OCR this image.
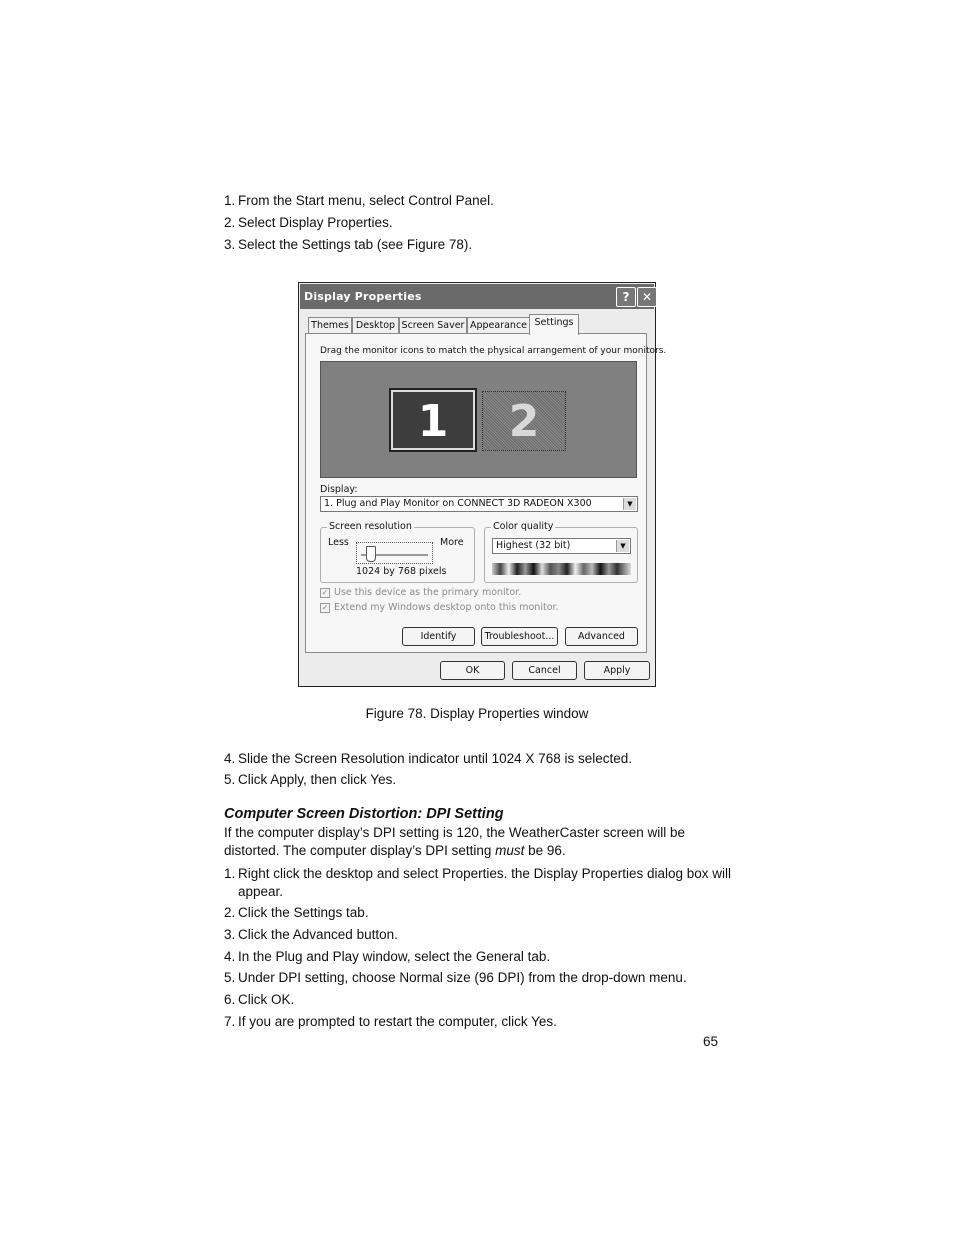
1. From the Start menu, select Control Panel.
2. Select Display Properties.
3. Select the Settings tab (see Figure 78).
Display Properties	?	✕
Themes Desktop Screen Saver Appearance Settings
Drag the monitor icons to match the physical arrangement of your monitors.
1	2
Display:
1. Plug and Play Monitor on CONNECT 3D RADEON X300	▼
Screen resolution
Less	More
1024 by 768 pixels
Color quality
Highest (32 bit)	▼
✓ Use this device as the primary monitor.
✓ Extend my Windows desktop onto this monitor.
Identify	Troubleshoot...	Advanced
OK	Cancel	Apply
Figure 78. Display Properties window
4. Slide the Screen Resolution indicator until 1024 X 768 is selected.
5. Click Apply, then click Yes.
Computer Screen Distortion: DPI Setting
If the computer display’s DPI setting is 120, the WeatherCaster screen will be distorted. The computer display’s DPI setting must be 96.
1. Right click the desktop and select Properties. the Display Properties dialog box will appear.
2. Click the Settings tab.
3. Click the Advanced button.
4. In the Plug and Play window, select the General tab.
5. Under DPI setting, choose Normal size (96 DPI) from the drop-down menu.
6. Click OK.
7. If you are prompted to restart the computer, click Yes.
65
